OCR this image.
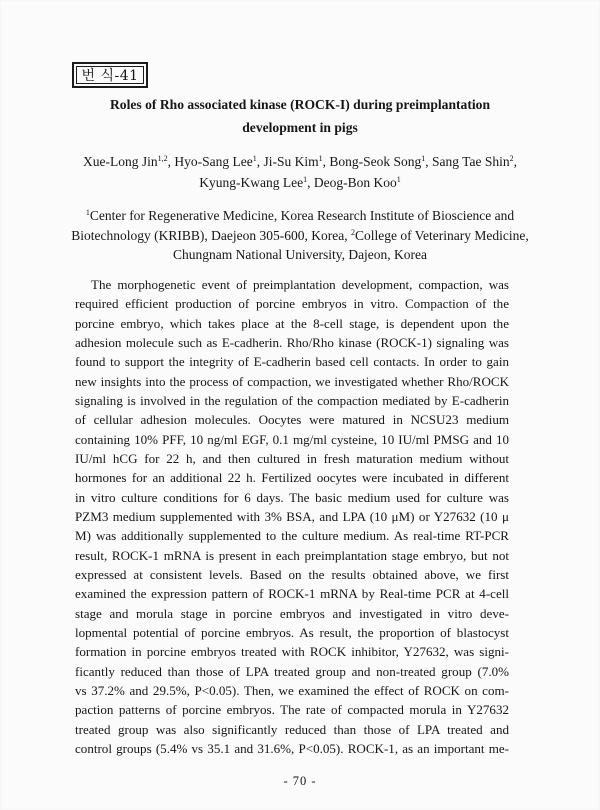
번 식-41
Roles of Rho associated kinase (ROCK-I) during preimplantation
development in pigs
Xue-Long Jin$^{1,2}$, Hyo-Sang Lee$^1$, Ji-Su Kim$^1$, Bong-Seok Song$^1$, Sang Tae Shin$^2$,
Kyung-Kwang Lee$^1$, Deog-Bon Koo$^1$
$^1$Center for Regenerative Medicine, Korea Research Institute of Bioscience and
Biotechnology (KRIBB), Daejeon 305-600, Korea, $^2$College of Veterinary Medicine,
Chungnam National University, Dajeon, Korea
The morphogenetic event of preimplantation development, compaction, was
required efficient production of porcine embryos in vitro. Compaction of the
porcine embryo, which takes place at the 8-cell stage, is dependent upon the
adhesion molecule such as E-cadherin. Rho/Rho kinase (ROCK-1) signaling was
found to support the integrity of E-cadherin based cell contacts. In order to gain
new insights into the process of compaction, we investigated whether Rho/ROCK
signaling is involved in the regulation of the compaction mediated by E-cadherin
of cellular adhesion molecules. Oocytes were matured in NCSU23 medium
containing 10% PFF, 10 ng/ml EGF, 0.1 mg/ml cysteine, 10 IU/ml PMSG and 10
IU/ml hCG for 22 h, and then cultured in fresh maturation medium without
hormones for an additional 22 h. Fertilized oocytes were incubated in different
in vitro culture conditions for 6 days. The basic medium used for culture was
PZM3 medium supplemented with 3% BSA, and LPA (10 μM) or Y27632 (10 μ
M) was additionally supplemented to the culture medium. As real-time RT-PCR
result, ROCK-1 mRNA is present in each preimplantation stage embryo, but not
expressed at consistent levels. Based on the results obtained above, we first
examined the expression pattern of ROCK-1 mRNA by Real-time PCR at 4-cell
stage and morula stage in porcine embryos and investigated in vitro deve-
lopmental potential of porcine embryos. As result, the proportion of blastocyst
formation in porcine embryos treated with ROCK inhibitor, Y27632, was signi-
ficantly reduced than those of LPA treated group and non-treated group (7.0%
vs 37.2% and 29.5%, P<0.05). Then, we examined the effect of ROCK on com-
paction patterns of porcine embryos. The rate of compacted morula in Y27632
treated group was also significantly reduced than those of LPA treated and
control groups (5.4% vs 35.1 and 31.6%, P<0.05). ROCK-1, as an important me-
- 70 -
